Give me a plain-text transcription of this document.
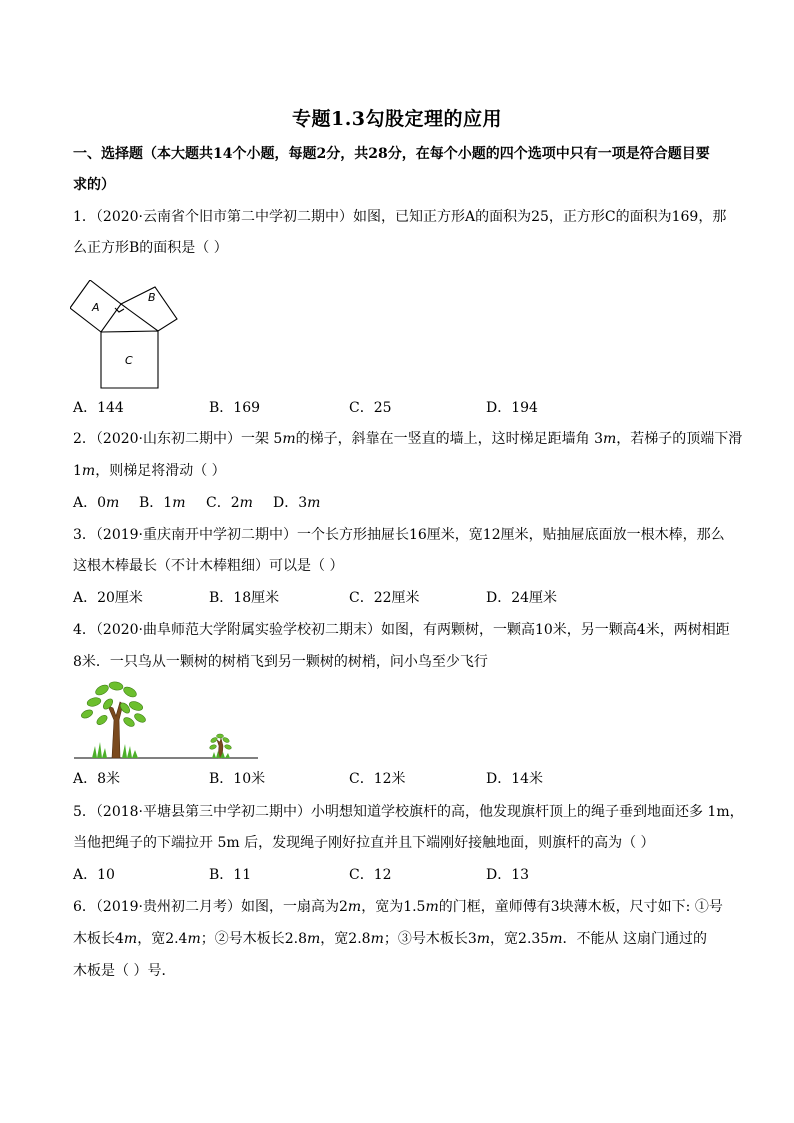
专题1.3勾股定理的应用
一、选择题（本大题共14个小题，每题2分，共28分，在每个小题的四个选项中只有一项是符合题目要
求的）
1．（2020·云南省个旧市第二中学初二期中）如图，已知正方形A的面积为25，正方形C的面积为169，那
么正方形B的面积是（ ）
A
B
C
A．144	B．169	C．25	D．194
2．（2020·山东初二期中）一架 5m的梯子，斜靠在一竖直的墙上，这时梯足距墙角 3m，若梯子的顶端下滑
1m，则梯足将滑动（ ）
A．0m B．1m C．2m D．3m
3．（2019·重庆南开中学初二期中）一个长方形抽屉长16厘米，宽12厘米，贴抽屉底面放一根木棒，那么
这根木棒最长（不计木棒粗细）可以是（ ）
A．20厘米	B．18厘米	C．22厘米	D．24厘米
4．（2020·曲阜师范大学附属实验学校初二期末）如图，有两颗树，一颗高10米，另一颗高4米，两树相距
8米．一只鸟从一颗树的树梢飞到另一颗树的树梢，问小鸟至少飞行
A．8米	B．10米	C．12米	D．14米
5．（2018·平塘县第三中学初二期中）小明想知道学校旗杆的高，他发现旗杆顶上的绳子垂到地面还多 1m，
当他把绳子的下端拉开 5m 后，发现绳子刚好拉直并且下端刚好接触地面，则旗杆的高为（ ）
A．10	B．11	C．12	D．13
6．（2019·贵州初二月考）如图，一扇高为2m，宽为1.5m的门框，童师傅有3块薄木板，尺寸如下: ①号
木板长4m，宽2.4m；②号木板长2.8m，宽2.8m；③号木板长3m，宽2.35m．不能从 这扇门通过的
木板是（ ）号．
